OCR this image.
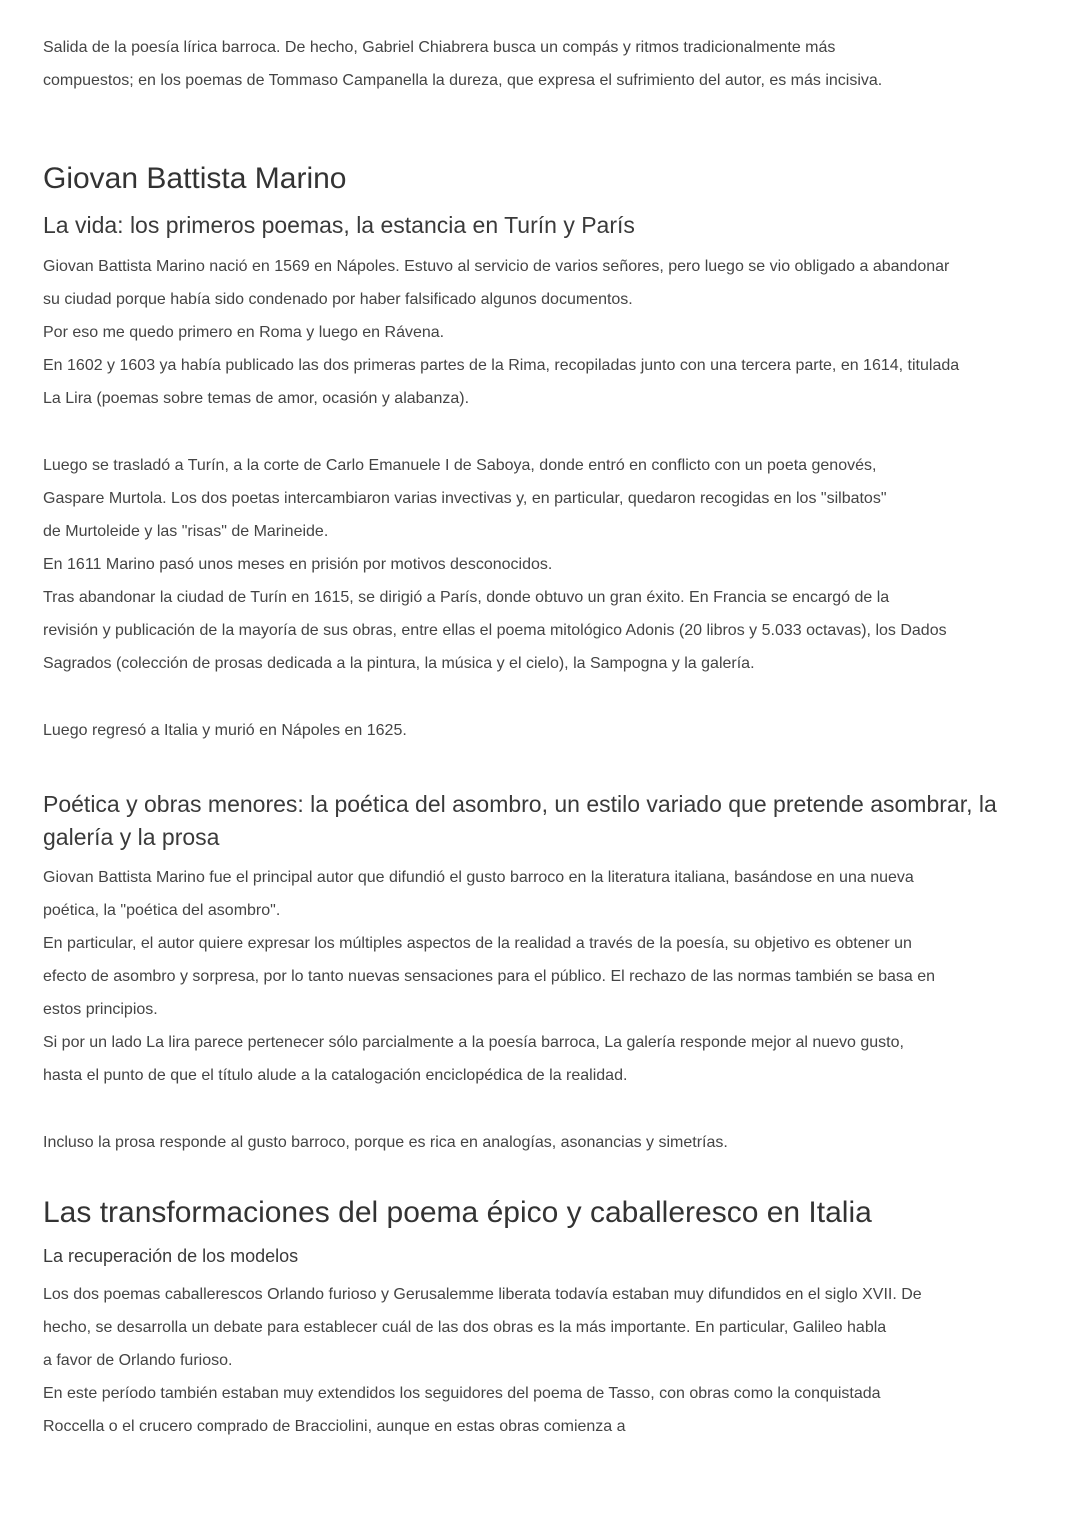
Salida de la poesía lírica barroca. De hecho, Gabriel Chiabrera busca un compás y ritmos tradicionalmente más

compuestos; en los poemas de Tommaso Campanella la dureza, que expresa el sufrimiento del autor, es más incisiva.

Giovan Battista Marino
La vida: los primeros poemas, la estancia en Turín y París

Giovan Battista Marino nació en 1569 en Nápoles. Estuvo al servicio de varios señores, pero luego se vio obligado a abandonar

su ciudad porque había sido condenado por haber falsificado algunos documentos.

Por eso me quedo primero en Roma y luego en Rávena.

En 1602 y 1603 ya había publicado las dos primeras partes de la Rima, recopiladas junto con una tercera parte, en 1614, titulada

La Lira (poemas sobre temas de amor, ocasión y alabanza).

Luego se trasladó a Turín, a la corte de Carlo Emanuele I de Saboya, donde entró en conflicto con un poeta genovés,

Gaspare Murtola. Los dos poetas intercambiaron varias invectivas y, en particular, quedaron recogidas en los "silbatos"

de Murtoleide y las "risas" de Marineide.

En 1611 Marino pasó unos meses en prisión por motivos desconocidos.

Tras abandonar la ciudad de Turín en 1615, se dirigió a París, donde obtuvo un gran éxito. En Francia se encargó de la

revisión y publicación de la mayoría de sus obras, entre ellas el poema mitológico Adonis (20 libros y 5.033 octavas), los Dados

Sagrados (colección de prosas dedicada a la pintura, la música y el cielo), la Sampogna y la galería.

Luego regresó a Italia y murió en Nápoles en 1625.

Poética y obras menores: la poética del asombro, un estilo variado que pretende asombrar, la
galería y la prosa

Giovan Battista Marino fue el principal autor que difundió el gusto barroco en la literatura italiana, basándose en una nueva

poética, la "poética del asombro".

En particular, el autor quiere expresar los múltiples aspectos de la realidad a través de la poesía, su objetivo es obtener un

efecto de asombro y sorpresa, por lo tanto nuevas sensaciones para el público. El rechazo de las normas también se basa en

estos principios.

Si por un lado La lira parece pertenecer sólo parcialmente a la poesía barroca, La galería responde mejor al nuevo gusto,

hasta el punto de que el título alude a la catalogación enciclopédica de la realidad.

Incluso la prosa responde al gusto barroco, porque es rica en analogías, asonancias y simetrías.

Las transformaciones del poema épico y caballeresco en Italia
La recuperación de los modelos

Los dos poemas caballerescos Orlando furioso y Gerusalemme liberata todavía estaban muy difundidos en el siglo XVII. De

hecho, se desarrolla un debate para establecer cuál de las dos obras es la más importante. En particular, Galileo habla

a favor de Orlando furioso.

En este período también estaban muy extendidos los seguidores del poema de Tasso, con obras como la conquistada

Roccella o el crucero comprado de Bracciolini, aunque en estas obras comienza a
